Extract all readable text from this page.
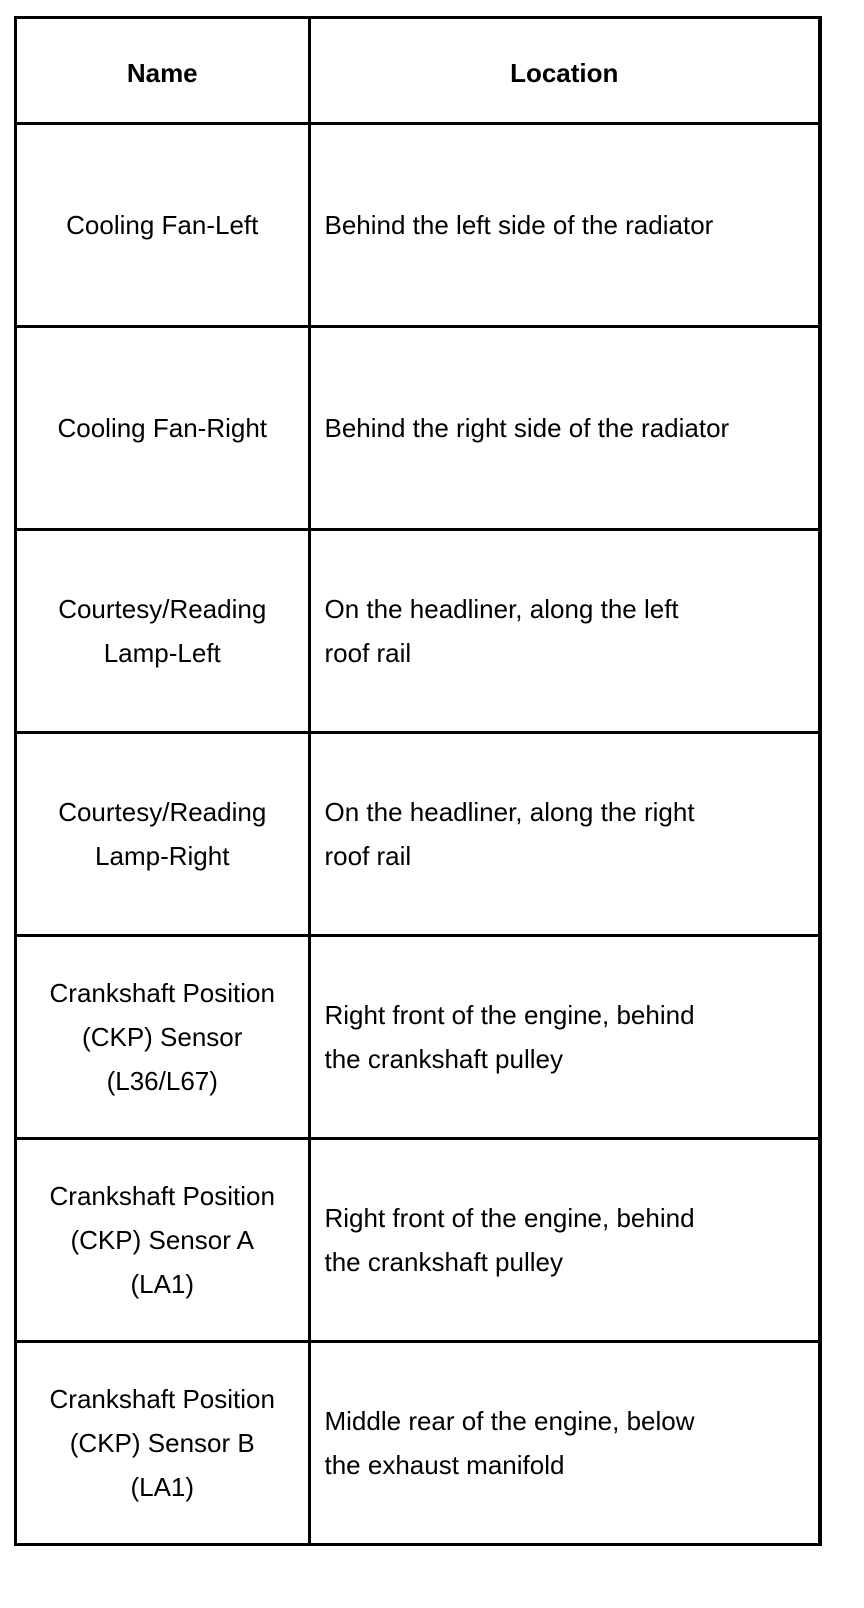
Name	Location
Cooling Fan-Left	Behind the left side of the radiator
Cooling Fan-Right	Behind the right side of the radiator
Courtesy/Reading Lamp-Left	On the headliner, along the left roof rail
Courtesy/Reading Lamp-Right	On the headliner, along the right roof rail
Crankshaft Position (CKP) Sensor (L36/L67)	Right front of the engine, behind the crankshaft pulley
Crankshaft Position (CKP) Sensor A (LA1)	Right front of the engine, behind the crankshaft pulley
Crankshaft Position (CKP) Sensor B (LA1)	Middle rear of the engine, below the exhaust manifold
